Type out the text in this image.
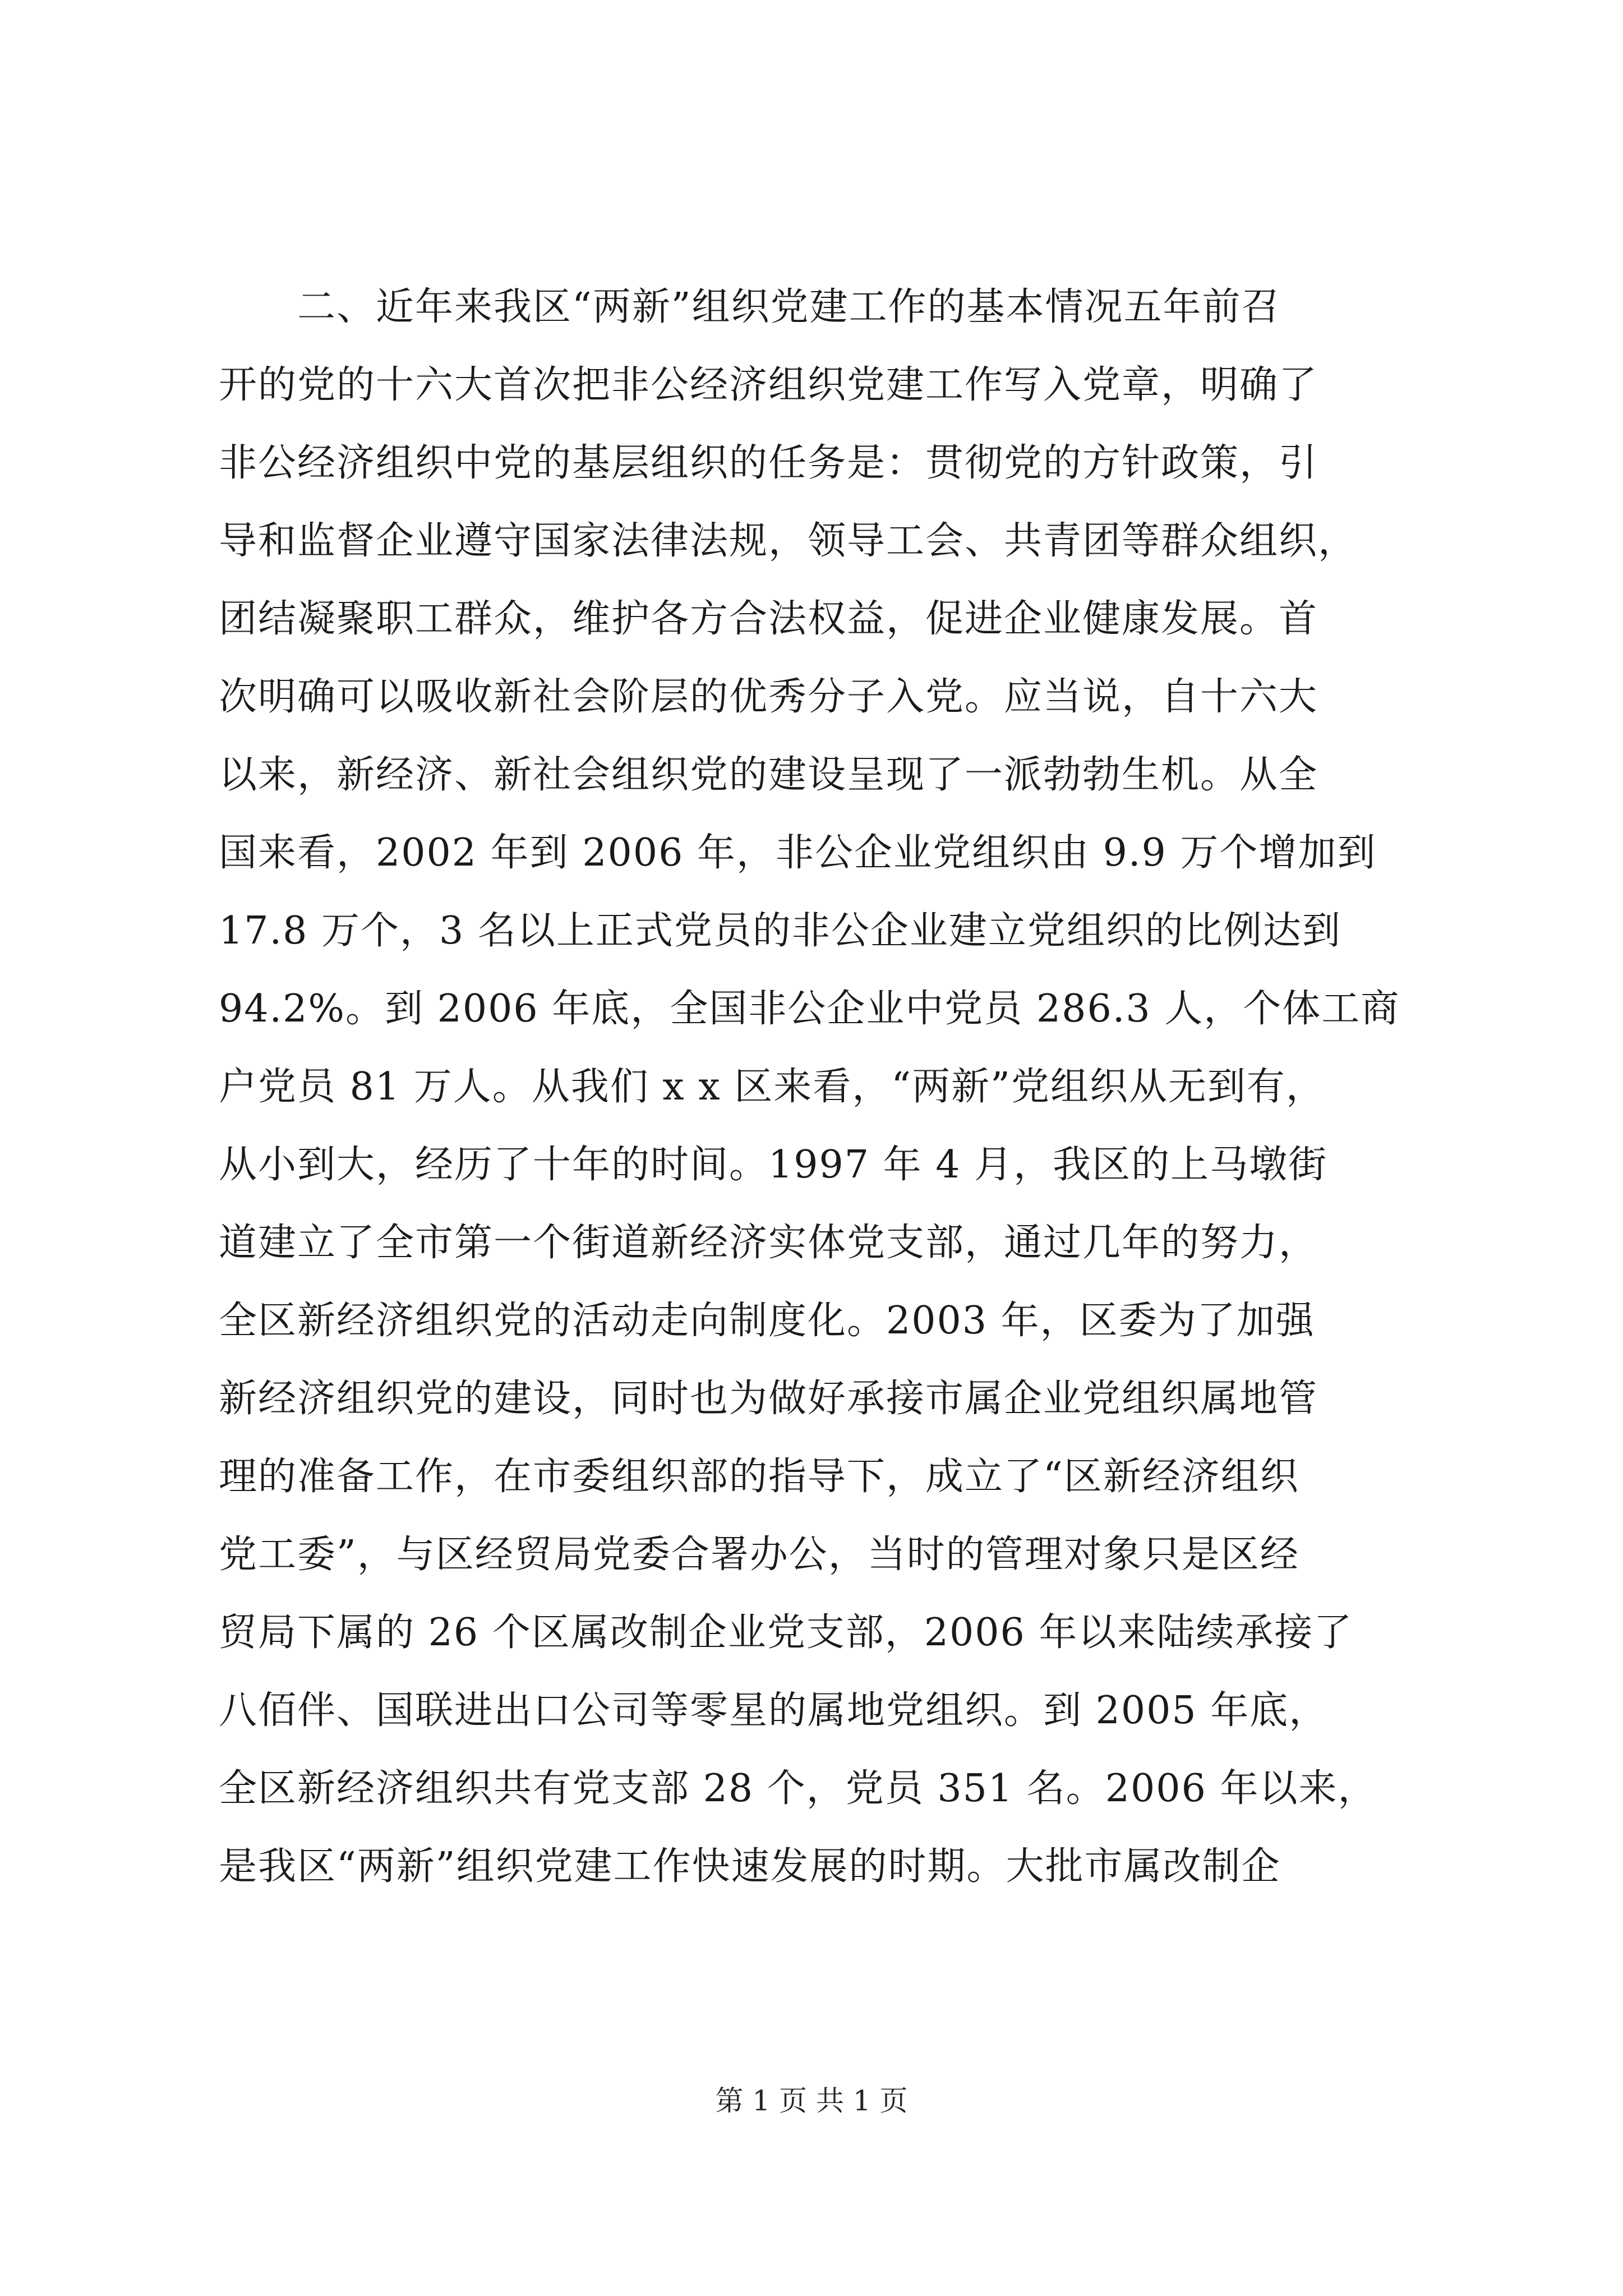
二、近年来我区“两新”组织党建工作的基本情况五年前召
开的党的十六大首次把非公经济组织党建工作写入党章，明确了
非公经济组织中党的基层组织的任务是：贯彻党的方针政策，引
导和监督企业遵守国家法律法规，领导工会、共青团等群众组织，
团结凝聚职工群众，维护各方合法权益，促进企业健康发展。首
次明确可以吸收新社会阶层的优秀分子入党。应当说，自十六大
以来，新经济、新社会组织党的建设呈现了一派勃勃生机。从全
国来看，2002 年到 2006 年，非公企业党组织由 9.9 万个增加到
17.8 万个，3 名以上正式党员的非公企业建立党组织的比例达到
94.2%。到 2006 年底，全国非公企业中党员 286.3 人，个体工商
户党员 81 万人。从我们 x x 区来看，“两新”党组织从无到有，
从小到大，经历了十年的时间。1997 年 4 月，我区的上马墩街
道建立了全市第一个街道新经济实体党支部，通过几年的努力，
全区新经济组织党的活动走向制度化。2003 年，区委为了加强
新经济组织党的建设，同时也为做好承接市属企业党组织属地管
理的准备工作，在市委组织部的指导下，成立了“区新经济组织
党工委”，与区经贸局党委合署办公，当时的管理对象只是区经
贸局下属的 26 个区属改制企业党支部，2006 年以来陆续承接了
八佰伴、国联进出口公司等零星的属地党组织。到 2005 年底，
全区新经济组织共有党支部 28 个，党员 351 名。2006 年以来，
是我区“两新”组织党建工作快速发展的时期。大批市属改制企
第 1 页 共 1 页
